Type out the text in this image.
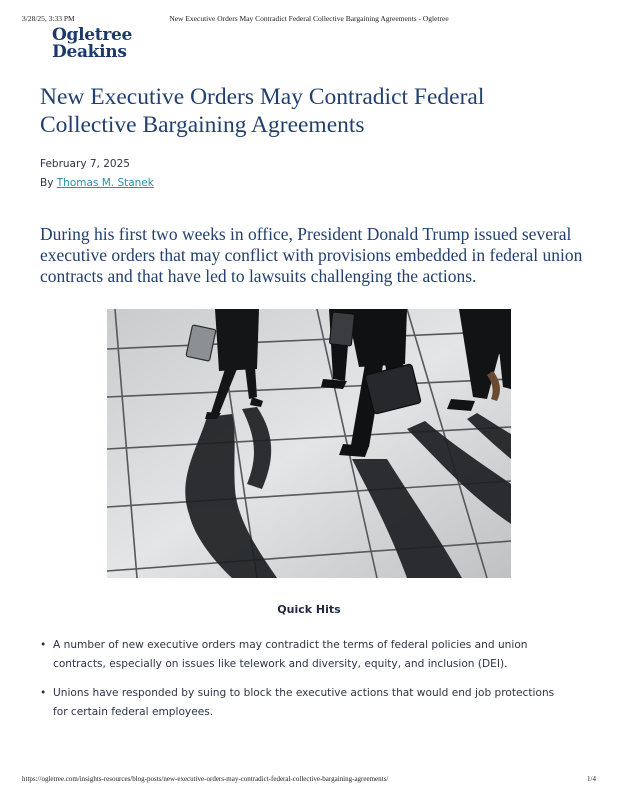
3/28/25, 3:33 PM	New Executive Orders May Contradict Federal Collective Bargaining Agreements - Ogletree
Ogletree
Deakins
New Executive Orders May Contradict Federal Collective Bargaining Agreements
February 7, 2025
By Thomas M. Stanek

During his first two weeks in office, President Donald Trump issued several executive orders that may conflict with provisions embedded in federal union contracts and that have led to lawsuits challenging the actions.

Quick Hits
• A number of new executive orders may contradict the terms of federal policies and union contracts, especially on issues like telework and diversity, equity, and inclusion (DEI).
• Unions have responded by suing to block the executive actions that would end job protections for certain federal employees.
https://ogletree.com/insights-resources/blog-posts/new-executive-orders-may-contradict-federal-collective-bargaining-agreements/	1/4
